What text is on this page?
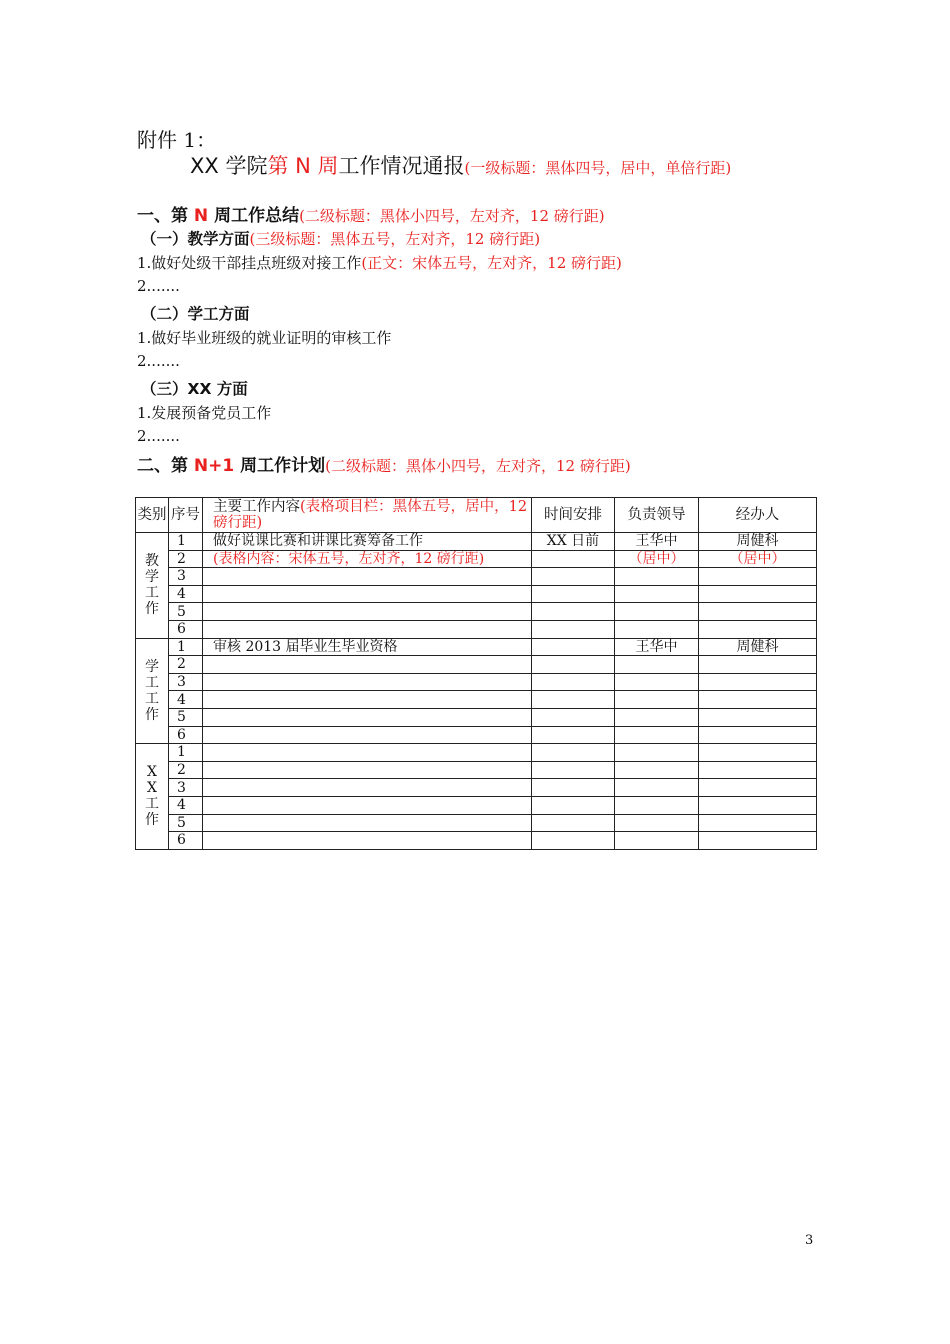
附件 1：
XX 学院第 N 周工作情况通报(一级标题：黑体四号，居中，单倍行距)
一、第 N 周工作总结(二级标题：黑体小四号，左对齐，12 磅行距)
（一）教学方面(三级标题：黑体五号，左对齐，12 磅行距)
1.做好处级干部挂点班级对接工作(正文：宋体五号，左对齐，12 磅行距)
2.......
（二）学工方面
1.做好毕业班级的就业证明的审核工作
2.......
（三）XX 方面
1.发展预备党员工作
2.......
二、第 N+1 周工作计划(二级标题：黑体小四号，左对齐，12 磅行距)
类别	序号	主要工作内容(表格项目栏：黑体五号，居中，12 磅行距)	时间安排	负责领导	经办人
教学工作	1	做好说课比赛和讲课比赛筹备工作	XX 日前	王华中	周健科
	2	(表格内容：宋体五号，左对齐，12 磅行距)		（居中）	（居中）
	3				
	4				
	5				
	6				
学工工作	1	审核 2013 届毕业生毕业资格		王华中	周健科
	2				
	3				
	4				
	5				
	6				
XX工作	1				
	2				
	3				
	4				
	5				
	6				
3
